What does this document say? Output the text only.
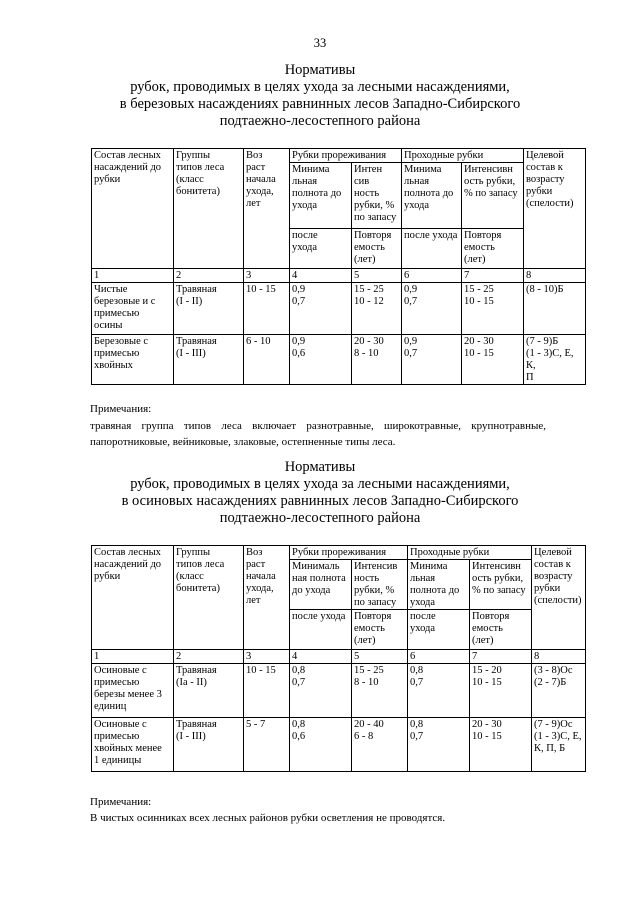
33
Нормативы
рубок, проводимых в целях ухода за лесными насаждениями,
в березовых насаждениях равнинных лесов Западно-Сибирского
подтаежно-лесостепного района
Состав лесных
насаждений до
рубки	Группы
типов леса
(класс
бонитета)	Воз
раст
начала
ухода,
лет	Рубки прореживания		Проходные рубки		Целевой
состав к
возрасту
рубки
(спелости)
			Минима
льная
полнота до
ухода	Интен
сив
ность
рубки, %
по запасу	Минима
льная
полнота до
ухода	Интенсивн
ость рубки,
% по запасу	
			после
ухода	Повторя
емость
(лет)	после ухода	Повторя
емость
(лет)	
1	2	3	4	5	6	7	8
Чистые
березовые и с
примесью
осины	Травяная
(I - II)	10 - 15	0,9
0,7	15 - 25
10 - 12	0,9
0,7	15 - 25
10 - 15	(8 - 10)Б
Березовые с
примесью
хвойных	Травяная
(I - III)	6 - 10	0,9
0,6	20 - 30
8 - 10	0,9
0,7	20 - 30
10 - 15	(7 - 9)Б
(1 - 3)С, Е, К,
П
Примечания:
травяная группа типов леса включает разнотравные, широкотравные, крупнотравные, папоротниковые, вейниковые, злаковые, остепненные типы леса.
Нормативы
рубок, проводимых в целях ухода за лесными насаждениями,
в осиновых насаждениях равнинных лесов Западно-Сибирского
подтаежно-лесостепного района
Состав лесных
насаждений до
рубки	Группы
типов леса
(класс
бонитета)	Воз
раст
начала
ухода,
лет	Рубки прореживания		Проходные рубки		Целевой
состав к
возрасту
рубки
(спелости)
			Минималь
ная полнота
до ухода	Интенсив
ность
рубки, %
по запасу	Минима
льная
полнота до
ухода	Интенсивн
ость рубки,
% по запасу	
			после ухода	Повторя
емость
(лет)	после
ухода	Повторя
емость
(лет)	
1	2	3	4	5	6	7	8
Осиновые с
примесью
березы менее 3
единиц	Травяная
(Iа - II)	10 - 15	0,8
0,7	15 - 25
8 - 10	0,8
0,7	15 - 20
10 - 15	(3 - 8)Ос
(2 - 7)Б
Осиновые с
примесью
хвойных менее
1 единицы	Травяная
(I - III)	5 - 7	0,8
0,6	20 - 40
6 - 8	0,8
0,7	20 - 30
10 - 15	(7 - 9)Ос
(1 - 3)С, Е,
К, П, Б
Примечания:
В чистых осинниках всех лесных районов рубки осветления не проводятся.
